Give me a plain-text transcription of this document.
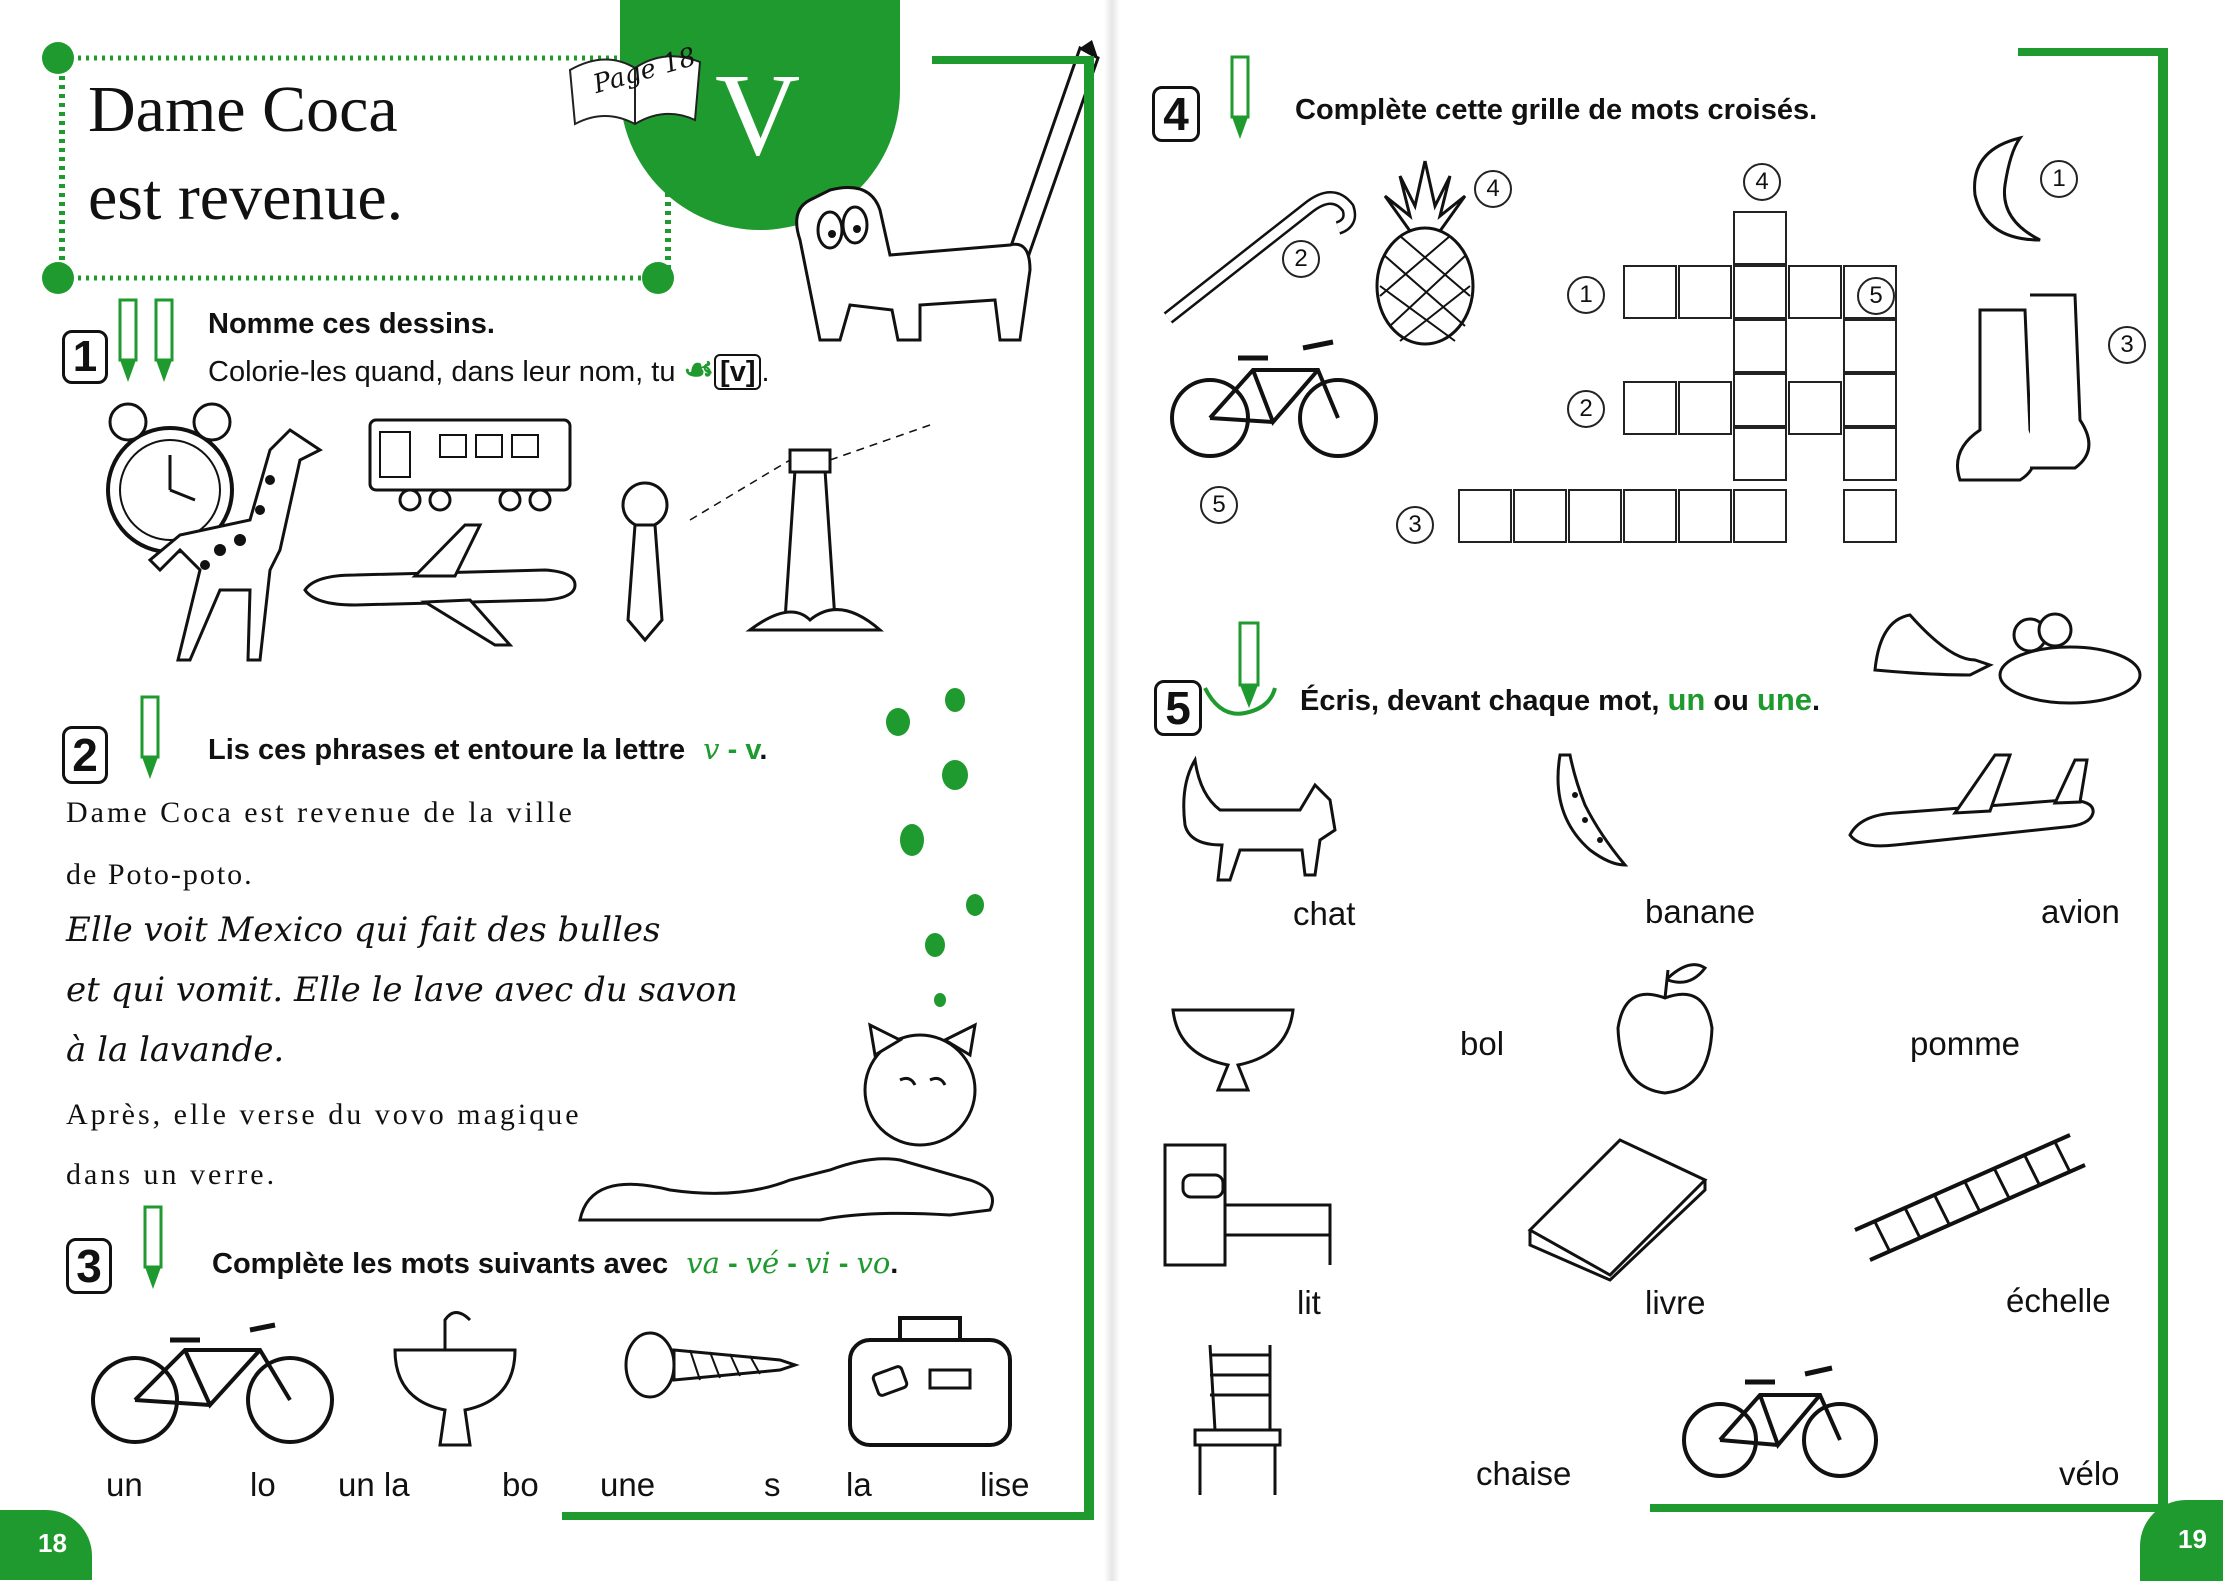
Dame Coca
est revenue.
V
Page 18
1
Nomme ces dessins.
Colorie-les quand, dans leur nom, tu ☙ [v] .
2	Lis ces phrases et entoure la lettre v - v.
Dame Coca est revenue de la ville
de Poto-poto.
Elle voit Mexico qui fait des bulles
et qui vomit. Elle le lave avec du savon
à la lavande.
Après, elle verse du vovo magique
dans un verre.
3	Complète les mots suivants avec va - vé - vi - vo.
un	lo un la	bo une	s la	lise
18	19
4	Complète cette grille de mots croisés.
2
4
5
1
3
1
2
3
4
5
5	Écris, devant chaque mot, un ou une.
chat	banane	avion
bol	pomme
lit	livre	échelle
chaise	vélo
